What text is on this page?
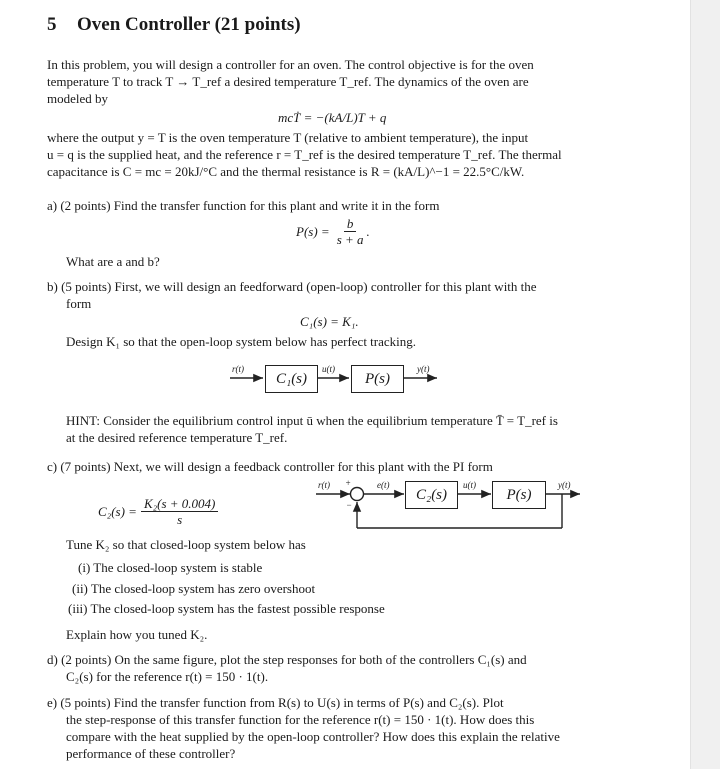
5 Oven Controller (21 points)
In this problem, you will design a controller for an oven. The control objective is for the oven
temperature T to track T → T_ref a desired temperature T_ref. The dynamics of the oven are
modeled by
mcṪ = −(kA/L)T + q
where the output y = T is the oven temperature T (relative to ambient temperature), the input
u = q is the supplied heat, and the reference r = T_ref is the desired temperature T_ref. The thermal
capacitance is C = mc = 20kJ/°C and the thermal resistance is R = (kA/L)^−1 = 22.5°C/kW.
a) (2 points) Find the transfer function for this plant and write it in the form
$P(s) = \frac{b}{s + a}$ .
What are a and b?
b) (5 points) First, we will design an feedforward (open-loop) controller for this plant with the
form
C₁(s) = K₁.
Design K₁ so that the open-loop system below has perfect tracking.
r(t)
C₁(s)
u(t)
P(s)
y(t)
HINT: Consider the equilibrium control input ū when the equilibrium temperature T̄ = T_ref is
at the desired reference temperature T_ref.
c) (7 points) Next, we will design a feedback controller for this plant with the PI form
$C_2(s) = \frac{\text{K₂(s + 0.004)}}{s}$
r(t) +
−
e(t)
C₂(s)
u(t)
P(s)
y(t)
Tune K₂ so that closed-loop system below has
(i) The closed-loop system is stable
(ii) The closed-loop system has zero overshoot
(iii) The closed-loop system has the fastest possible response
Explain how you tuned K₂.
d) (2 points) On the same figure, plot the step responses for both of the controllers C₁(s) and
C₂(s) for the reference r(t) = 150 · 1(t).
e) (5 points) Find the transfer function from R(s) to U(s) in terms of P(s) and C₂(s). Plot
the step-response of this transfer function for the reference r(t) = 150 · 1(t). How does this
compare with the heat supplied by the open-loop controller? How does this explain the relative
performance of these controller?
